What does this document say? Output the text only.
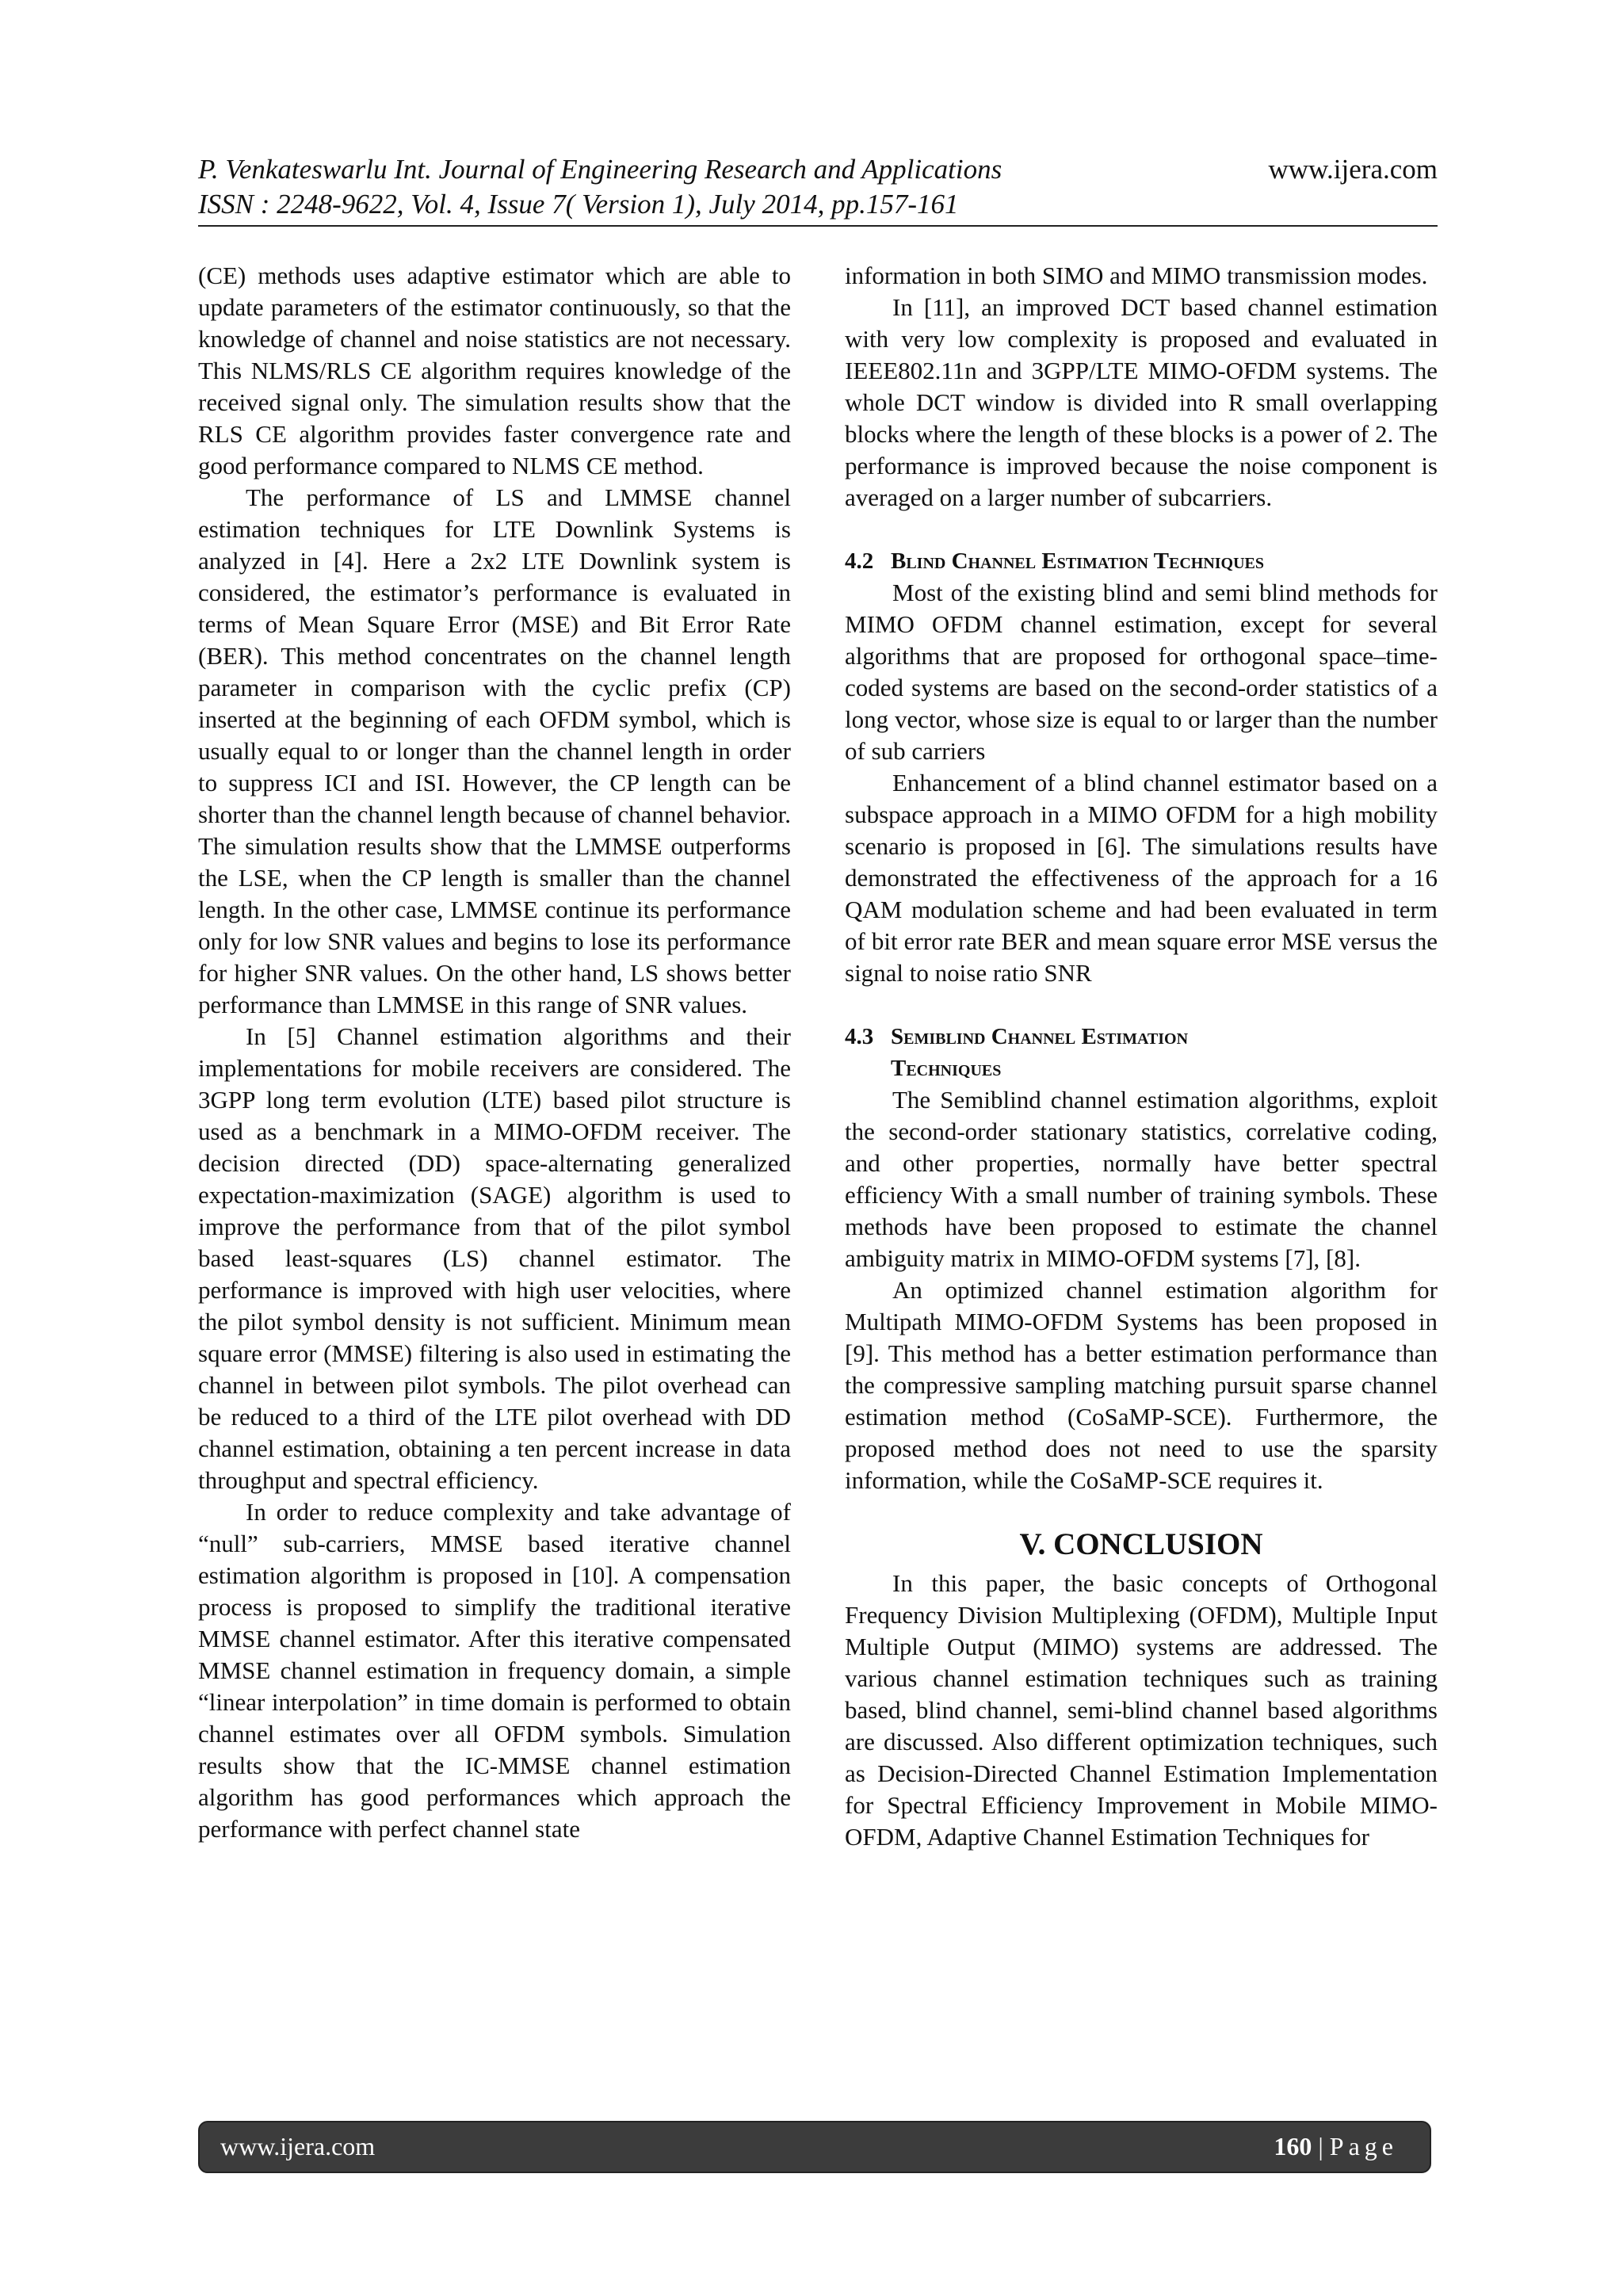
P. Venkateswarlu Int. Journal of Engineering Research and Applications	www.ijera.com
ISSN : 2248-9622, Vol. 4, Issue 7( Version 1), July 2014, pp.157-161

(CE) methods uses adaptive estimator which are able to update parameters of the estimator continuously, so that the knowledge of channel and noise statistics are not necessary. This NLMS/RLS CE algorithm requires knowledge of the received signal only. The simulation results show that the RLS CE algorithm provides faster convergence rate and good performance compared to NLMS CE method.

The performance of LS and LMMSE channel estimation techniques for LTE Downlink Systems is analyzed in [4]. Here a 2x2 LTE Downlink system is considered, the estimator’s performance is evaluated in terms of Mean Square Error (MSE) and Bit Error Rate (BER). This method concentrates on the channel length parameter in comparison with the cyclic prefix (CP) inserted at the beginning of each OFDM symbol, which is usually equal to or longer than the channel length in order to suppress ICI and ISI. However, the CP length can be shorter than the channel length because of channel behavior. The simulation results show that the LMMSE outperforms the LSE, when the CP length is smaller than the channel length. In the other case, LMMSE continue its performance only for low SNR values and begins to lose its performance for higher SNR values. On the other hand, LS shows better performance than LMMSE in this range of SNR values.

In [5] Channel estimation algorithms and their implementations for mobile receivers are considered. The 3GPP long term evolution (LTE) based pilot structure is used as a benchmark in a MIMO-OFDM receiver. The decision directed (DD) space-alternating generalized expectation-maximization (SAGE) algorithm is used to improve the performance from that of the pilot symbol based least-squares (LS) channel estimator. The performance is improved with high user velocities, where the pilot symbol density is not sufficient. Minimum mean square error (MMSE) filtering is also used in estimating the channel in between pilot symbols. The pilot overhead can be reduced to a third of the LTE pilot overhead with DD channel estimation, obtaining a ten percent increase in data throughput and spectral efficiency.

In order to reduce complexity and take advantage of “null” sub-carriers, MMSE based iterative channel estimation algorithm is proposed in [10]. A compensation process is proposed to simplify the traditional iterative MMSE channel estimator. After this iterative compensated MMSE channel estimation in frequency domain, a simple “linear interpolation” in time domain is performed to obtain channel estimates over all OFDM symbols. Simulation results show that the IC-MMSE channel estimation algorithm has good performances which approach the performance with perfect channel state

information in both SIMO and MIMO transmission modes.

In [11], an improved DCT based channel estimation with very low complexity is proposed and evaluated in IEEE802.11n and 3GPP/LTE MIMO-OFDM systems. The whole DCT window is divided into R small overlapping blocks where the length of these blocks is a power of 2. The performance is improved because the noise component is averaged on a larger number of subcarriers.

4.2 Blind Channel Estimation Techniques

Most of the existing blind and semi blind methods for MIMO OFDM channel estimation, except for several algorithms that are proposed for orthogonal space–time-coded systems are based on the second-order statistics of a long vector, whose size is equal to or larger than the number of sub carriers

Enhancement of a blind channel estimator based on a subspace approach in a MIMO OFDM for a high mobility scenario is proposed in [6]. The simulations results have demonstrated the effectiveness of the approach for a 16 QAM modulation scheme and had been evaluated in term of bit error rate BER and mean square error MSE versus the signal to noise ratio SNR

4.3 Semiblind Channel Estimation
Techniques

The Semiblind channel estimation algorithms, exploit the second-order stationary statistics, correlative coding, and other properties, normally have better spectral efficiency With a small number of training symbols. These methods have been proposed to estimate the channel ambiguity matrix in MIMO-OFDM systems [7], [8].

An optimized channel estimation algorithm for Multipath MIMO-OFDM Systems has been proposed in [9]. This method has a better estimation performance than the compressive sampling matching pursuit sparse channel estimation method (CoSaMP-SCE). Furthermore, the proposed method does not need to use the sparsity information, while the CoSaMP-SCE requires it.

V. CONCLUSION

In this paper, the basic concepts of Orthogonal Frequency Division Multiplexing (OFDM), Multiple Input Multiple Output (MIMO) systems are addressed. The various channel estimation techniques such as training based, blind channel, semi-blind channel based algorithms are discussed. Also different optimization techniques, such as Decision-Directed Channel Estimation Implementation for Spectral Efficiency Improvement in Mobile MIMO-OFDM, Adaptive Channel Estimation Techniques for

www.ijera.com	160 | Page
